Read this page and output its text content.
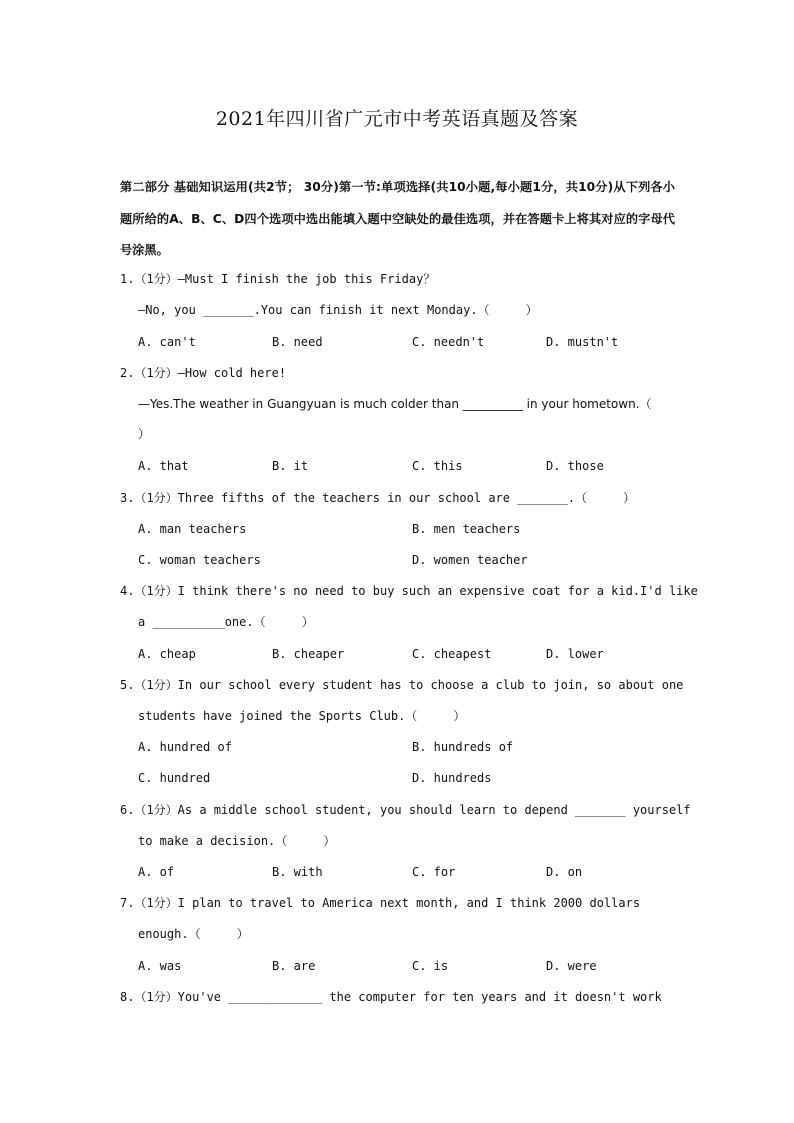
2021年四川省广元市中考英语真题及答案
第二部分 基础知识运用(共2节； 30分)第一节:单项选择(共10小题,每小题1分，共10分)从下列各小题所给的A、B、C、D四个选项中选出能填入题中空缺处的最佳选项，并在答题卡上将其对应的字母代号涂黑。
1.（1分）—Must I finish the job this Friday？
—No, you _______.You can finish it next Monday.（     ）
A. can't	B. need	C. needn't	D. mustn't
2.（1分）—How cold here!
—Yes.The weather in Guangyuan is much colder than __________ in your hometown.（
）
A. that	B. it	C. this	D. those
3.（1分）Three fifths of the teachers in our school are _______.（     ）
A. man teachers	B. men teachers
C. woman teachers	D. women teacher
4.（1分）I think there's no need to buy such an expensive coat for a kid.I'd like
a __________one.（     ）
A. cheap	B. cheaper	C. cheapest	D. lower
5.（1分）In our school every student has to choose a club to join, so about one
students have joined the Sports Club.（     ）
A. hundred of	B. hundreds of
C. hundred	D. hundreds
6.（1分）As a middle school student, you should learn to depend _______ yourself
to make a decision.（     ）
A. of	B. with	C. for	D. on
7.（1分）I plan to travel to America next month, and I think 2000 dollars
enough.（     ）
A. was	B. are	C. is	D. were
8.（1分）You've _____________ the computer for ten years and it doesn't work
